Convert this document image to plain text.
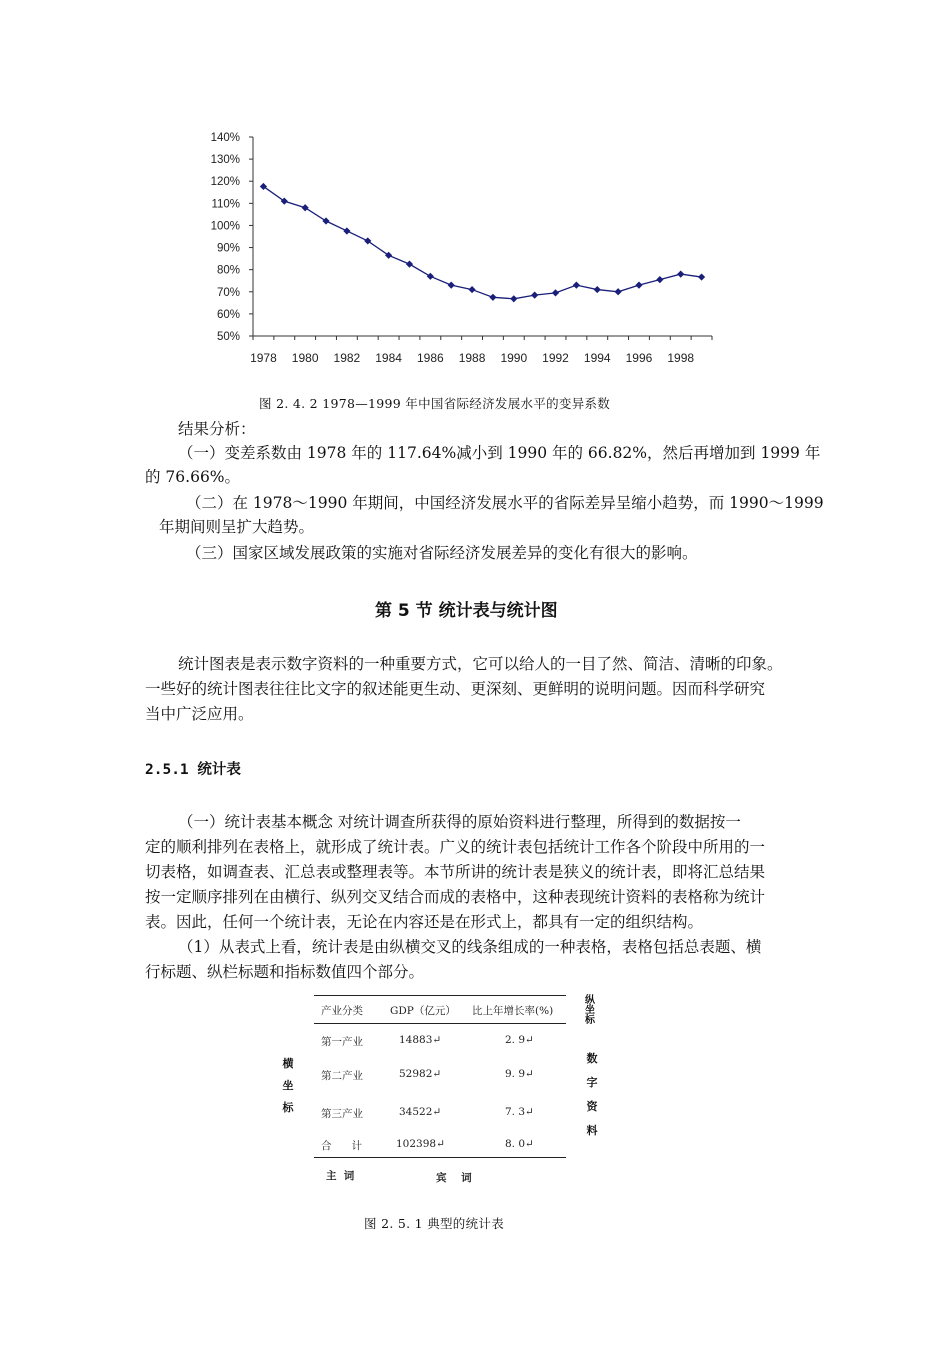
140%
130%
120%
110%
100%
90%
80%
70%
60%
50%
1978 1980 1982 1984 1986 1988 1990 1992 1994 1996 1998
图 2. 4. 2 1978—1999 年中国省际经济发展水平的变异系数
结果分析：
（一）变差系数由 1978 年的 117.64%减小到 1990 年的 66.82%，然后再增加到 1999 年
的 76.66%。
（二）在 1978～1990 年期间，中国经济发展水平的省际差异呈缩小趋势，而 1990～1999
年期间则呈扩大趋势。
（三）国家区域发展政策的实施对省际经济发展差异的变化有很大的影响。
第 5 节 统计表与统计图
统计图表是表示数字资料的一种重要方式，它可以给人的一目了然、简洁、清晰的印象。
一些好的统计图表往往比文字的叙述能更生动、更深刻、更鲜明的说明问题。因而科学研究
当中广泛应用。
2.5.1 统计表
（一）统计表基本概念 对统计调查所获得的原始资料进行整理，所得到的数据按一
定的顺利排列在表格上，就形成了统计表。广义的统计表包括统计工作各个阶段中所用的一
切表格，如调查表、汇总表或整理表等。本节所讲的统计表是狭义的统计表，即将汇总结果
按一定顺序排列在由横行、纵列交叉结合而成的表格中，这种表现统计资料的表格称为统计
表。因此，任何一个统计表，无论在内容还是在形式上，都具有一定的组织结构。
（1）从表式上看，统计表是由纵横交叉的线条组成的一种表格，表格包括总表题、横
行标题、纵栏标题和指标数值四个部分。
产业分类	GDP（亿元） 比上年增长率(%)
第一产业	14883↵	2. 9↵
第二产业	52982↵	9. 9↵
第三产业	34522↵	7. 3↵
合      计	102398↵	8. 0↵
横
坐
标
纵
坐
标
数
字
资
料
主  词	宾    词
图 2. 5. 1 典型的统计表
